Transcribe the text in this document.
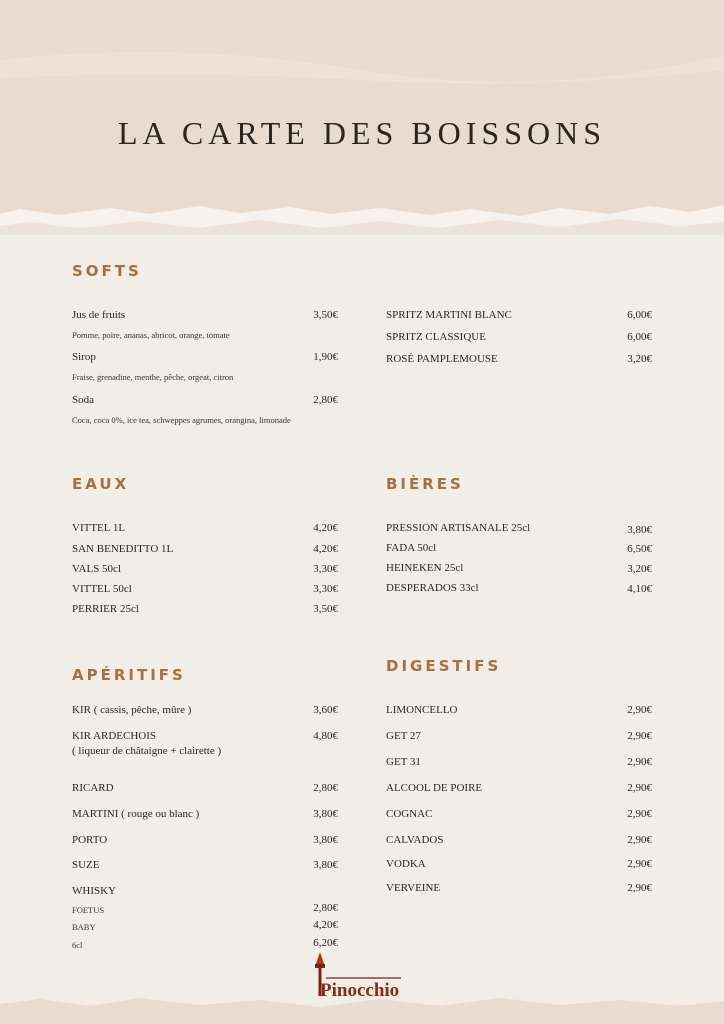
LA CARTE DES BOISSONS
SOFTS
Jus de fruits	3,50€
Pomme, poire, ananas, abricot, orange, tomate
Sirop	1,90€
Fraise, grenadine, menthe, pêche, orgeat, citron
Soda	2,80€
Coca, coca 0%, ice tea, schweppes agrumes, orangina, limonade
SPRITZ MARTINI BLANC	6,00€
SPRITZ CLASSIQUE	6,00€
ROSÉ PAMPLEMOUSE	3,20€
EAUX
VITTEL 1L	4,20€
SAN BENEDITTO 1L	4,20€
VALS 50cl	3,30€
VITTEL 50cl	3,30€
PERRIER 25cl	3,50€
BIÈRES
PRESSION ARTISANALE 25cl	3,80€
FADA 50cl	6,50€
HEINEKEN 25cl	3,20€
DESPERADOS 33cl	4,10€
APÉRITIFS
KIR ( cassis, pêche, mûre )	3,60€
KIR ARDECHOIS	4,80€
( liqueur de châtaigne + clairette )
RICARD	2,80€
MARTINI ( rouge ou blanc )	3,80€
PORTO	3,80€
SUZE	3,80€
WHISKY
FOETUS	2,80€
BABY	4,20€
6cl	6,20€
DIGESTIFS
LIMONCELLO	2,90€
GET 27	2,90€
GET 31	2,90€
ALCOOL DE POIRE	2,90€
COGNAC	2,90€
CALVADOS	2,90€
VODKA	2,90€
VERVEINE	2,90€
Pinocchio
